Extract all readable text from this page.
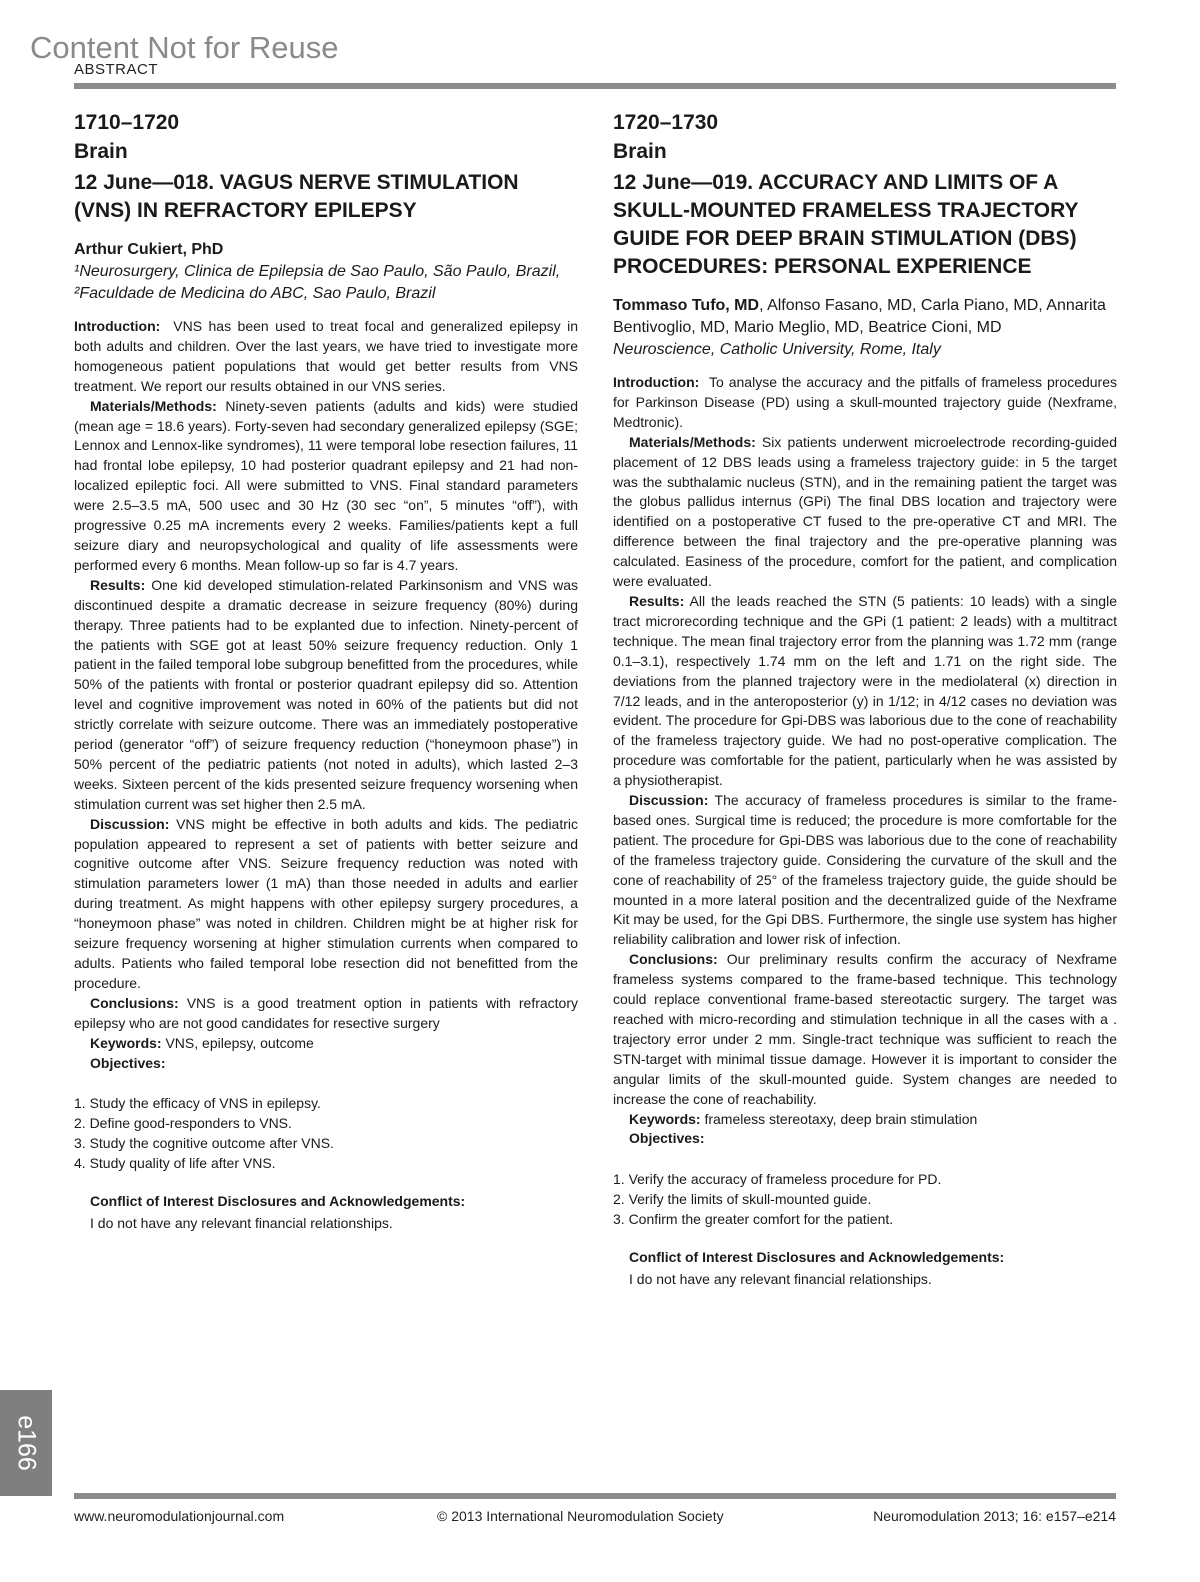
Content Not for Reuse
ABSTRACT

1710–1720

Brain

12 June—018. VAGUS NERVE STIMULATION (VNS) IN REFRACTORY EPILEPSY

Arthur Cukiert, PhD

¹Neurosurgery, Clinica de Epilepsia de Sao Paulo, São Paulo, Brazil,
²Faculdade de Medicina do ABC, Sao Paulo, Brazil

Introduction: VNS has been used to treat focal and generalized epilepsy in both adults and children. Over the last years, we have tried to investigate more homogeneous patient populations that would get better results from VNS treatment. We report our results obtained in our VNS series.

Materials/Methods: Ninety-seven patients (adults and kids) were studied (mean age = 18.6 years). Forty-seven had secondary generalized epilepsy (SGE; Lennox and Lennox-like syndromes), 11 were temporal lobe resection failures, 11 had frontal lobe epilepsy, 10 had posterior quadrant epilepsy and 21 had non-localized epileptic foci. All were submitted to VNS. Final standard parameters were 2.5–3.5 mA, 500 usec and 30 Hz (30 sec “on”, 5 minutes “off”), with progressive 0.25 mA increments every 2 weeks. Families/patients kept a full seizure diary and neuropsychological and quality of life assessments were performed every 6 months. Mean follow-up so far is 4.7 years.

Results: One kid developed stimulation-related Parkinsonism and VNS was discontinued despite a dramatic decrease in seizure frequency (80%) during therapy. Three patients had to be explanted due to infection. Ninety-percent of the patients with SGE got at least 50% seizure frequency reduction. Only 1 patient in the failed temporal lobe subgroup benefitted from the procedures, while 50% of the patients with frontal or posterior quadrant epilepsy did so. Attention level and cognitive improvement was noted in 60% of the patients but did not strictly correlate with seizure outcome. There was an immediately postoperative period (generator “off”) of seizure frequency reduction (“honeymoon phase”) in 50% percent of the pediatric patients (not noted in adults), which lasted 2–3 weeks. Sixteen percent of the kids presented seizure frequency worsening when stimulation current was set higher then 2.5 mA.

Discussion: VNS might be effective in both adults and kids. The pediatric population appeared to represent a set of patients with better seizure and cognitive outcome after VNS. Seizure frequency reduction was noted with stimulation parameters lower (1 mA) than those needed in adults and earlier during treatment. As might happens with other epilepsy surgery procedures, a “honeymoon phase” was noted in children. Children might be at higher risk for seizure frequency worsening at higher stimulation currents when compared to adults. Patients who failed temporal lobe resection did not benefitted from the procedure.

Conclusions: VNS is a good treatment option in patients with refractory epilepsy who are not good candidates for resective surgery

Keywords: VNS, epilepsy, outcome

Objectives:

1. Study the efficacy of VNS in epilepsy.
2. Define good-responders to VNS.
3. Study the cognitive outcome after VNS.
4. Study quality of life after VNS.

Conflict of Interest Disclosures and Acknowledgements:

I do not have any relevant financial relationships.

1720–1730

Brain

12 June—019. ACCURACY AND LIMITS OF A SKULL-MOUNTED FRAMELESS TRAJECTORY GUIDE FOR DEEP BRAIN STIMULATION (DBS) PROCEDURES: PERSONAL EXPERIENCE

Tommaso Tufo, MD, Alfonso Fasano, MD, Carla Piano, MD, Annarita Bentivoglio, MD, Mario Meglio, MD, Beatrice Cioni, MD

Neuroscience, Catholic University, Rome, Italy

Introduction: To analyse the accuracy and the pitfalls of frameless procedures for Parkinson Disease (PD) using a skull-mounted trajectory guide (Nexframe, Medtronic).

Materials/Methods: Six patients underwent microelectrode recording-guided placement of 12 DBS leads using a frameless trajectory guide: in 5 the target was the subthalamic nucleus (STN), and in the remaining patient the target was the globus pallidus internus (GPi) The final DBS location and trajectory were identified on a postoperative CT fused to the pre-operative CT and MRI. The difference between the final trajectory and the pre-operative planning was calculated. Easiness of the procedure, comfort for the patient, and complication were evaluated.

Results: All the leads reached the STN (5 patients: 10 leads) with a single tract microrecording technique and the GPi (1 patient: 2 leads) with a multitract technique. The mean final trajectory error from the planning was 1.72 mm (range 0.1–3.1), respectively 1.74 mm on the left and 1.71 on the right side. The deviations from the planned trajectory were in the mediolateral (x) direction in 7/12 leads, and in the anteroposterior (y) in 1/12; in 4/12 cases no deviation was evident. The procedure for Gpi-DBS was laborious due to the cone of reachability of the frameless trajectory guide. We had no post-operative complication. The procedure was comfortable for the patient, particularly when he was assisted by a physiotherapist.

Discussion: The accuracy of frameless procedures is similar to the frame-based ones. Surgical time is reduced; the procedure is more comfortable for the patient. The procedure for Gpi-DBS was laborious due to the cone of reachability of the frameless trajectory guide. Considering the curvature of the skull and the cone of reachability of 25° of the frameless trajectory guide, the guide should be mounted in a more lateral position and the decentralized guide of the Nexframe Kit may be used, for the Gpi DBS. Furthermore, the single use system has higher reliability calibration and lower risk of infection.

Conclusions: Our preliminary results confirm the accuracy of Nexframe frameless systems compared to the frame-based technique. This technology could replace conventional frame-based stereotactic surgery. The target was reached with micro-recording and stimulation technique in all the cases with a . trajectory error under 2 mm. Single-tract technique was sufficient to reach the STN-target with minimal tissue damage. However it is important to consider the angular limits of the skull-mounted guide. System changes are needed to increase the cone of reachability.

Keywords: frameless stereotaxy, deep brain stimulation

Objectives:

1. Verify the accuracy of frameless procedure for PD.
2. Verify the limits of skull-mounted guide.
3. Confirm the greater comfort for the patient.

Conflict of Interest Disclosures and Acknowledgements:

I do not have any relevant financial relationships.

e166
www.neuromodulationjournal.com	© 2013 International Neuromodulation Society	Neuromodulation 2013; 16: e157–e214
